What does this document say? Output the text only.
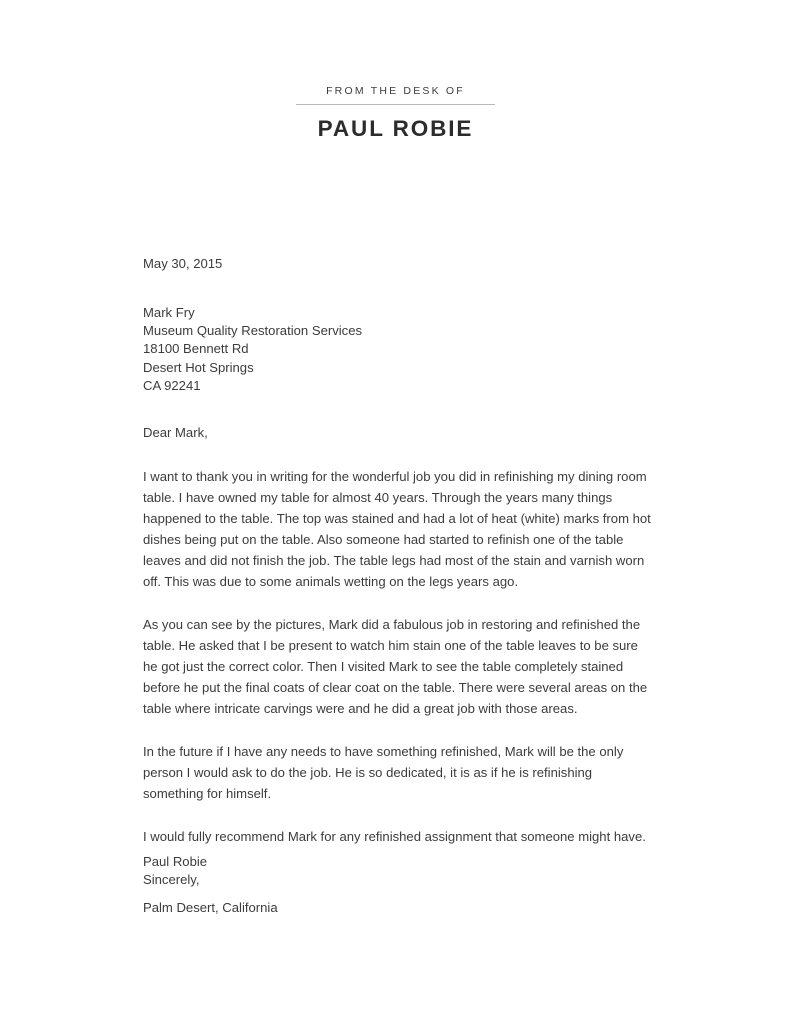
FROM THE DESK OF
PAUL ROBIE

May 30, 2015

Mark Fry

Museum Quality Restoration Services

18100 Bennett Rd

Desert Hot Springs

CA 92241

Dear Mark,

I want to thank you in writing for the wonderful job you did in refinishing my dining room table. I have owned my table for almost 40 years. Through the years many things happened to the table. The top was stained and had a lot of heat (white) marks from hot dishes being put on the table. Also someone had started to refinish one of the table leaves and did not finish the job. The table legs had most of the stain and varnish worn off. This was due to some animals wetting on the legs years ago.

As you can see by the pictures, Mark did a fabulous job in restoring and refinished the table. He asked that I be present to watch him stain one of the table leaves to be sure he got just the correct color. Then I visited Mark to see the table completely stained before he put the final coats of clear coat on the table. There were several areas on the table where intricate carvings were and he did a great job with those areas.

In the future if I have any needs to have something refinished, Mark will be the only person I would ask to do the job. He is so dedicated, it is as if he is refinishing something for himself.

I would fully recommend Mark for any refinished assignment that someone might have.

Sincerely,

Paul Robie

Palm Desert, California
